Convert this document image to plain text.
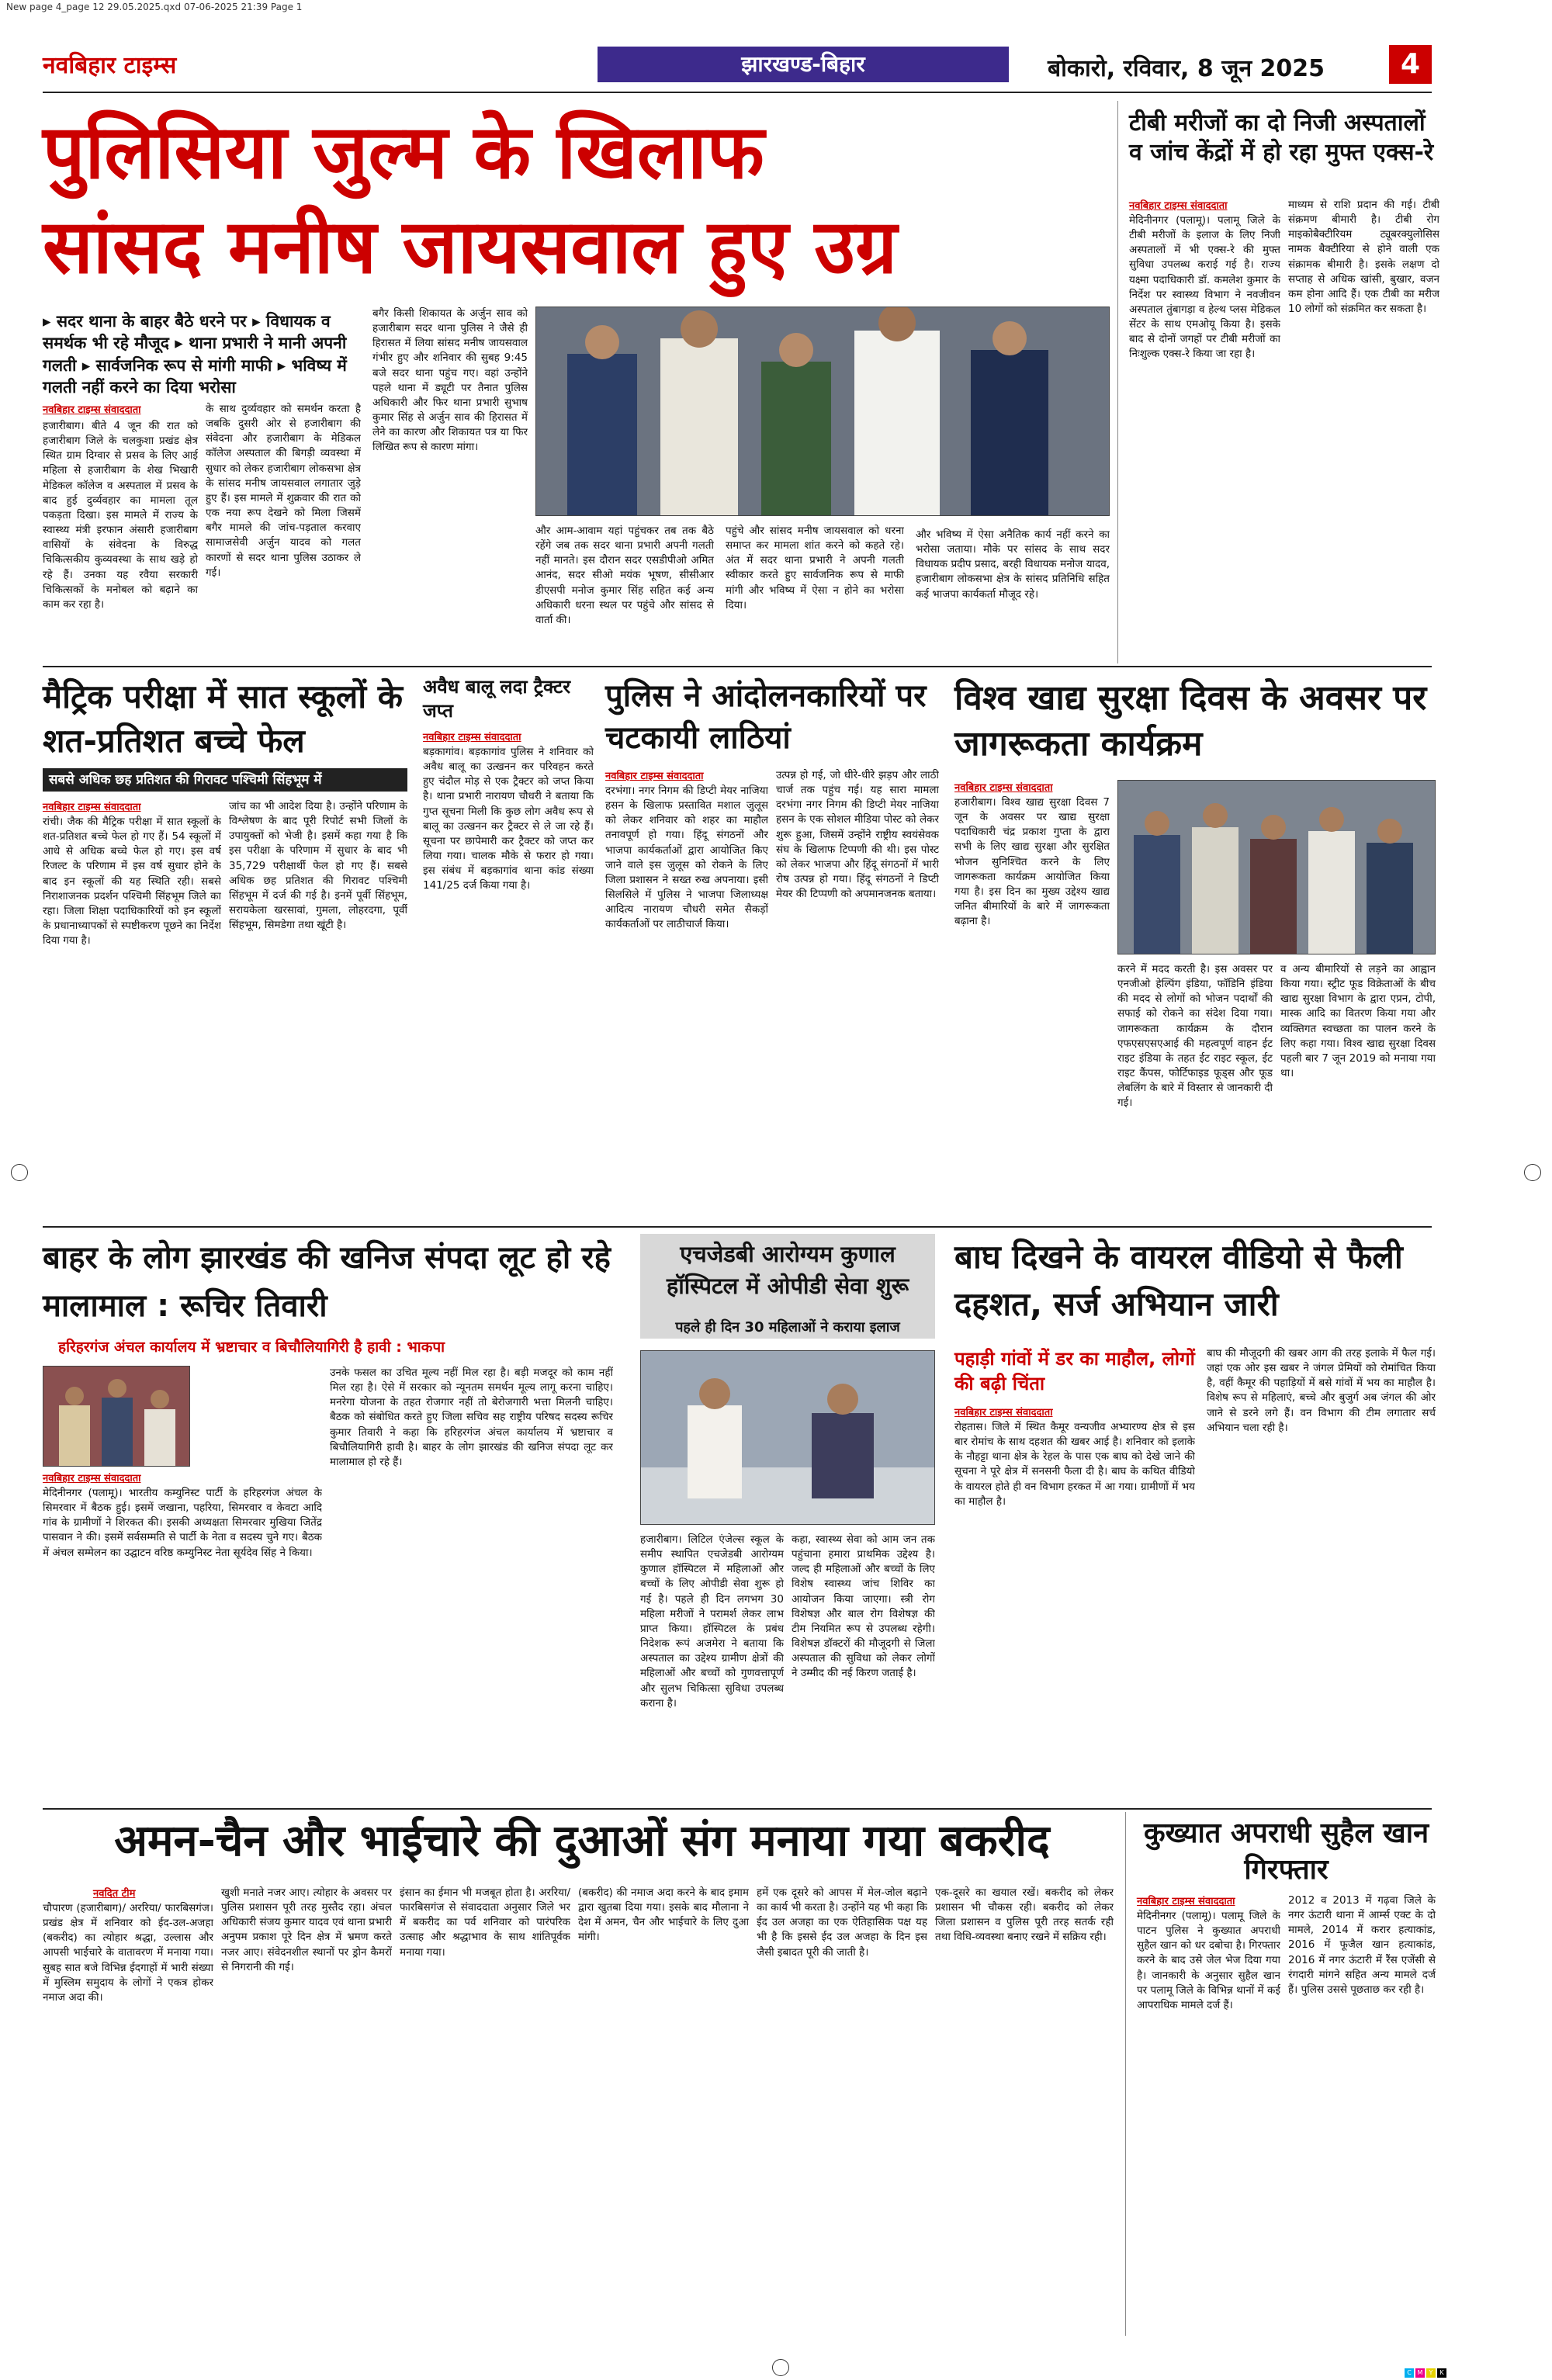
New page 4_page 12 29.05.2025.qxd 07-06-2025 21:39 Page 1
नवबिहार टाइम्स	झारखण्ड-बिहार	बोकारो, रविवार, 8 जून 2025	4
पुलिसिया जुल्म के खिलाफ
सांसद मनीष जायसवाल हुए उग्र
▸ सदर थाना के बाहर बैठे धरने पर ▸ विधायक व समर्थक भी रहे मौजूद ▸ थाना प्रभारी ने मानी अपनी गलती ▸ सार्वजनिक रूप से मांगी माफी ▸ भविष्य में गलती नहीं करने का दिया भरोसा
नवबिहार टाइम्स संवाददाता
हजारीबाग। बीते 4 जून की रात को हजारीबाग जिले के चलकुशा प्रखंड क्षेत्र स्थित ग्राम दिग्वार से प्रसव के लिए आई महिला से हजारीबाग के शेख भिखारी मेडिकल कॉलेज व अस्पताल में प्रसव के बाद हुई दुर्व्यवहार का मामला तूल पकड़ता दिखा। इस मामले में राज्य के स्वास्थ्य मंत्री इरफान अंसारी हजारीबाग वासियों के संवेदना के विरुद्ध चिकित्सकीय कुव्यवस्था के साथ खड़े हो रहे हैं। उनका यह रवैया सरकारी चिकित्सकों के मनोबल को बढ़ाने का काम कर रहा है।
के साथ दुर्व्यवहार को समर्थन करता है जबकि दुसरी ओर से हजारीबाग की संवेदना और हजारीबाग के मेडिकल कॉलेज अस्पताल की बिगड़ी व्यवस्था में सुधार को लेकर हजारीबाग लोकसभा क्षेत्र के सांसद मनीष जायसवाल लगातार जुड़े हुए हैं। इस मामले में शुक्रवार की रात को एक नया रूप देखने को मिला जिसमें बगैर मामले की जांच-पड़ताल करवाए सामाजसेवी अर्जुन यादव को गलत कारणों से सदर थाना पुलिस उठाकर ले गई।
बगैर किसी शिकायत के अर्जुन साव को हजारीबाग सदर थाना पुलिस ने जैसे ही हिरासत में लिया सांसद मनीष जायसवाल गंभीर हुए और शनिवार की सुबह 9:45 बजे सदर थाना पहुंच गए। वहां उन्होंने पहले थाना में ड्यूटी पर तैनात पुलिस अधिकारी और फिर थाना प्रभारी सुभाष कुमार सिंह से अर्जुन साव की हिरासत में लेने का कारण और शिकायत पत्र या फिर लिखित रूप से कारण मांगा।
और आम-आवाम यहां पहुंचकर तब तक बैठे रहेंगे जब तक सदर थाना प्रभारी अपनी गलती नहीं मानते। इस दौरान सदर एसडीपीओ अमित आनंद, सदर सीओ मयंक भूषण, सीसीआर डीएसपी मनोज कुमार सिंह सहित कई अन्य अधिकारी धरना स्थल पर पहुंचे और सांसद से वार्ता की।
पहुंचे और सांसद मनीष जायसवाल को धरना समाप्त कर मामला शांत करने को कहते रहे। अंत में सदर थाना प्रभारी ने अपनी गलती स्वीकार करते हुए सार्वजनिक रूप से माफी मांगी और भविष्य में ऐसा न होने का भरोसा दिया।
और भविष्य में ऐसा अनैतिक कार्य नहीं करने का भरोसा जताया। मौके पर सांसद के साथ सदर विधायक प्रदीप प्रसाद, बरही विधायक मनोज यादव, हजारीबाग लोकसभा क्षेत्र के सांसद प्रतिनिधि सहित कई भाजपा कार्यकर्ता मौजूद रहे।
टीबी मरीजों का दो निजी अस्पतालों व जांच केंद्रों में हो रहा मुफ्त एक्स-रे
नवबिहार टाइम्स संवाददाता
मेदिनीनगर (पलामू)। पलामू जिले के टीबी मरीजों के इलाज के लिए निजी अस्पतालों में भी एक्स-रे की मुफ्त सुविधा उपलब्ध कराई गई है। राज्य यक्ष्मा पदाधिकारी डॉ. कमलेश कुमार के निर्देश पर स्वास्थ्य विभाग ने नवजीवन अस्पताल तुंबागड़ा व हेल्थ प्लस मेडिकल सेंटर के साथ एमओयू किया है। इसके बाद से दोनों जगहों पर टीबी मरीजों का निःशुल्क एक्स-रे किया जा रहा है।
माध्यम से राशि प्रदान की गई। टीबी संक्रमण बीमारी है। टीबी रोग माइकोबैक्टीरियम ट्यूबरक्युलोसिस नामक बैक्टीरिया से होने वाली एक संक्रामक बीमारी है। इसके लक्षण दो सप्ताह से अधिक खांसी, बुखार, वजन कम होना आदि हैं। एक टीबी का मरीज 10 लोगों को संक्रमित कर सकता है।
मैट्रिक परीक्षा में सात स्कूलों के शत-प्रतिशत बच्चे फेल
सबसे अधिक छह प्रतिशत की गिरावट पश्चिमी सिंहभूम में
नवबिहार टाइम्स संवाददाता
रांची। जैक की मैट्रिक परीक्षा में सात स्कूलों के शत-प्रतिशत बच्चे फेल हो गए हैं। 54 स्कूलों में आधे से अधिक बच्चे फेल हो गए। इस वर्ष रिजल्ट के परिणाम में इस वर्ष सुधार होने के बाद इन स्कूलों की यह स्थिति रही। सबसे निराशाजनक प्रदर्शन पश्चिमी सिंहभूम जिले का रहा। जिला शिक्षा पदाधिकारियों को इन स्कूलों के प्रधानाध्यापकों से स्पष्टीकरण पूछने का निर्देश दिया गया है।
जांच का भी आदेश दिया है। उन्होंने परिणाम के विश्लेषण के बाद पूरी रिपोर्ट सभी जिलों के उपायुक्तों को भेजी है। इसमें कहा गया है कि इस परीक्षा के परिणाम में सुधार के बाद भी 35,729 परीक्षार्थी फेल हो गए हैं। सबसे अधिक छह प्रतिशत की गिरावट पश्चिमी सिंहभूम में दर्ज की गई है। इनमें पूर्वी सिंहभूम, सरायकेला खरसावां, गुमला, लोहरदगा, पूर्वी सिंहभूम, सिमडेगा तथा खूंटी है।
अवैध बालू लदा ट्रैक्टर जप्त
नवबिहार टाइम्स संवाददाता
बड़कागांव। बड़कागांव पुलिस ने शनिवार को अवैध बालू का उत्खनन कर परिवहन करते हुए चंदौल मोड़ से एक ट्रैक्टर को जप्त किया है। थाना प्रभारी नारायण चौधरी ने बताया कि गुप्त सूचना मिली कि कुछ लोग अवैध रूप से बालू का उत्खनन कर ट्रैक्टर से ले जा रहे हैं। सूचना पर छापेमारी कर ट्रैक्टर को जप्त कर लिया गया। चालक मौके से फरार हो गया। इस संबंध में बड़कागांव थाना कांड संख्या 141/25 दर्ज किया गया है।
पुलिस ने आंदोलनकारियों पर चटकायी लाठियां
नवबिहार टाइम्स संवाददाता
दरभंगा। नगर निगम की डिप्टी मेयर नाजिया हसन के खिलाफ प्रस्तावित मशाल जुलूस को लेकर शनिवार को शहर का माहौल तनावपूर्ण हो गया। हिंदू संगठनों और भाजपा कार्यकर्ताओं द्वारा आयोजित किए जाने वाले इस जुलूस को रोकने के लिए जिला प्रशासन ने सख्त रुख अपनाया। इसी सिलसिले में पुलिस ने भाजपा जिलाध्यक्ष आदित्य नारायण चौधरी समेत सैकड़ों कार्यकर्ताओं पर लाठीचार्ज किया।
उत्पन्न हो गई, जो धीरे-धीरे झड़प और लाठी चार्ज तक पहुंच गई। यह सारा मामला दरभंगा नगर निगम की डिप्टी मेयर नाजिया हसन के एक सोशल मीडिया पोस्ट को लेकर शुरू हुआ, जिसमें उन्होंने राष्ट्रीय स्वयंसेवक संघ के खिलाफ टिप्पणी की थी। इस पोस्ट को लेकर भाजपा और हिंदू संगठनों में भारी रोष उत्पन्न हो गया। हिंदू संगठनों ने डिप्टी मेयर की टिप्पणी को अपमानजनक बताया।
विश्व खाद्य सुरक्षा दिवस के अवसर पर जागरूकता कार्यक्रम
नवबिहार टाइम्स संवाददाता
हजारीबाग। विश्व खाद्य सुरक्षा दिवस 7 जून के अवसर पर खाद्य सुरक्षा पदाधिकारी चंद्र प्रकाश गुप्ता के द्वारा सभी के लिए खाद्य सुरक्षा और सुरक्षित भोजन सुनिश्चित करने के लिए जागरूकता कार्यक्रम आयोजित किया गया है। इस दिन का मुख्य उद्देश्य खाद्य जनित बीमारियों के बारे में जागरूकता बढ़ाना है।
करने में मदद करती है। इस अवसर पर एनजीओ हेल्पिंग इंडिया, फॉडिनि इंडिया की मदद से लोगों को भोजन पदार्थों की सफाई को रोकने का संदेश दिया गया। जागरूकता कार्यक्रम के दौरान एफएसएसएआई की महत्वपूर्ण वाहन ईट राइट इंडिया के तहत ईट राइट स्कूल, ईट राइट कैंपस, फोर्टिफाइड फूड्स और फूड लेबलिंग के बारे में विस्तार से जानकारी दी गई।
व अन्य बीमारियों से लड़ने का आह्वान किया गया। स्ट्रीट फूड विक्रेताओं के बीच खाद्य सुरक्षा विभाग के द्वारा एप्रन, टोपी, मास्क आदि का वितरण किया गया और व्यक्तिगत स्वच्छता का पालन करने के लिए कहा गया। विश्व खाद्य सुरक्षा दिवस पहली बार 7 जून 2019 को मनाया गया था।
बाहर के लोग झारखंड की खनिज संपदा लूट हो रहे मालामाल : रूचिर तिवारी
हरिहरगंज अंचल कार्यालय में भ्रष्टाचार व बिचौलियागिरी है हावी : भाकपा
नवबिहार टाइम्स संवाददाता
मेदिनीनगर (पलामू)। भारतीय कम्युनिस्ट पार्टी के हरिहरगंज अंचल के सिमरवार में बैठक हुई। इसमें जखाना, पहरिया, सिमरवार व केवटा आदि गांव के ग्रामीणों ने शिरकत की। इसकी अध्यक्षता सिमरवार मुखिया जितेंद्र पासवान ने की। इसमें सर्वसम्मति से पार्टी के नेता व सदस्य चुने गए। बैठक में अंचल सम्मेलन का उद्घाटन वरिष्ठ कम्युनिस्ट नेता सूर्यदेव सिंह ने किया।
उनके फसल का उचित मूल्य नहीं मिल रहा है। बड़ी मजदूर को काम नहीं मिल रहा है। ऐसे में सरकार को न्यूनतम समर्थन मूल्य लागू करना चाहिए। मनरेगा योजना के तहत रोजगार नहीं तो बेरोजगारी भत्ता मिलनी चाहिए। बैठक को संबोधित करते हुए जिला सचिव सह राष्ट्रीय परिषद सदस्य रूचिर कुमार तिवारी ने कहा कि हरिहरगंज अंचल कार्यालय में भ्रष्टाचार व बिचौलियागिरी हावी है। बाहर के लोग झारखंड की खनिज संपदा लूट कर मालामाल हो रहे हैं।
एचजेडबी आरोग्यम कुणाल हॉस्पिटल में ओपीडी सेवा शुरू
पहले ही दिन 30 महिलाओं ने कराया इलाज
हजारीबाग। लिटिल एंजेल्स स्कूल के समीप स्थापित एचजेडबी आरोग्यम कुणाल हॉस्पिटल में महिलाओं और बच्चों के लिए ओपीडी सेवा शुरू हो गई है। पहले ही दिन लगभग 30 महिला मरीजों ने परामर्श लेकर लाभ प्राप्त किया। हॉस्पिटल के प्रबंध निदेशक रूपं अजमेरा ने बताया कि अस्पताल का उद्देश्य ग्रामीण क्षेत्रों की महिलाओं और बच्चों को गुणवत्तापूर्ण और सुलभ चिकित्सा सुविधा उपलब्ध कराना है।
कहा, स्वास्थ्य सेवा को आम जन तक पहुंचाना हमारा प्राथमिक उद्देश्य है। जल्द ही महिलाओं और बच्चों के लिए विशेष स्वास्थ्य जांच शिविर का आयोजन किया जाएगा। स्त्री रोग विशेषज्ञ और बाल रोग विशेषज्ञ की टीम नियमित रूप से उपलब्ध रहेगी। विशेषज्ञ डॉक्टरों की मौजूदगी से जिला अस्पताल की सुविधा को लेकर लोगों ने उम्मीद की नई किरण जताई है।
बाघ दिखने के वायरल वीडियो से फैली दहशत, सर्ज अभियान जारी
पहाड़ी गांवों में डर का माहौल, लोगों की बढ़ी चिंता
नवबिहार टाइम्स संवाददाता
रोहतास। जिले में स्थित कैमूर वन्यजीव अभ्यारण्य क्षेत्र से इस बार रोमांच के साथ दहशत की खबर आई है। शनिवार को इलाके के नौहट्टा थाना क्षेत्र के रेहल के पास एक बाघ को देखे जाने की सूचना ने पूरे क्षेत्र में सनसनी फैला दी है। बाघ के कथित वीडियो के वायरल होते ही वन विभाग हरकत में आ गया। ग्रामीणों में भय का माहौल है।
बाघ की मौजूदगी की खबर आग की तरह इलाके में फैल गई। जहां एक ओर इस खबर ने जंगल प्रेमियों को रोमांचित किया है, वहीं कैमूर की पहाड़ियों में बसे गांवों में भय का माहौल है। विशेष रूप से महिलाएं, बच्चे और बुजुर्ग अब जंगल की ओर जाने से डरने लगे हैं। वन विभाग की टीम लगातार सर्च अभियान चला रही है।
अमन-चैन और भाईचारे की दुआओं संग मनाया गया बकरीद
नवदित टीम
चौपारण (हजारीबाग)/ अररिया/ फारबिसगंज। प्रखंड क्षेत्र में शनिवार को ईद-उल-अजहा (बकरीद) का त्योहार श्रद्धा, उल्लास और आपसी भाईचारे के वातावरण में मनाया गया। सुबह सात बजे विभिन्न ईदगाहों में भारी संख्या में मुस्लिम समुदाय के लोगों ने एकत्र होकर नमाज अदा की।
खुशी मनाते नजर आए। त्योहार के अवसर पर पुलिस प्रशासन पूरी तरह मुस्तैद रहा। अंचल अधिकारी संजय कुमार यादव एवं थाना प्रभारी अनुपम प्रकाश पूरे दिन क्षेत्र में भ्रमण करते नजर आए। संवेदनशील स्थानों पर ड्रोन कैमरों से निगरानी की गई।
इंसान का ईमान भी मजबूत होता है। अररिया/फारबिसगंज से संवाददाता अनुसार जिले भर में बकरीद का पर्व शनिवार को पारंपरिक उत्साह और श्रद्धाभाव के साथ शांतिपूर्वक मनाया गया।
(बकरीद) की नमाज अदा करने के बाद इमाम द्वारा खुतबा दिया गया। इसके बाद मौलाना ने देश में अमन, चैन और भाईचारे के लिए दुआ मांगी।
हमें एक दूसरे को आपस में मेल-जोल बढ़ाने का कार्य भी करता है। उन्होंने यह भी कहा कि ईद उल अजहा का एक ऐतिहासिक पक्ष यह भी है कि इससे ईद उल अजहा के दिन इस जैसी इबादत पूरी की जाती है।
एक-दूसरे का खयाल रखें। बकरीद को लेकर प्रशासन भी चौकस रही। बकरीद को लेकर जिला प्रशासन व पुलिस पूरी तरह सतर्क रही तथा विधि-व्यवस्था बनाए रखने में सक्रिय रही।
कुख्यात अपराधी सुहैल खान गिरफ्तार
नवबिहार टाइम्स संवाददाता
मेदिनीनगर (पलामू)। पलामू जिले के पाटन पुलिस ने कुख्यात अपराधी सुहैल खान को धर दबोचा है। गिरफ्तार करने के बाद उसे जेल भेज दिया गया है। जानकारी के अनुसार सुहैल खान पर पलामू जिले के विभिन्न थानों में कई आपराधिक मामले दर्ज हैं।
2012 व 2013 में गढ़वा जिले के नगर ऊंटारी थाना में आर्म्स एक्ट के दो मामले, 2014 में करार हत्याकांड, 2016 में फूजैल खान हत्याकांड, 2016 में नगर ऊंटारी में रैंस एजेंसी से रंगदारी मांगने सहित अन्य मामले दर्ज हैं। पुलिस उससे पूछताछ कर रही है।
C M Y K
